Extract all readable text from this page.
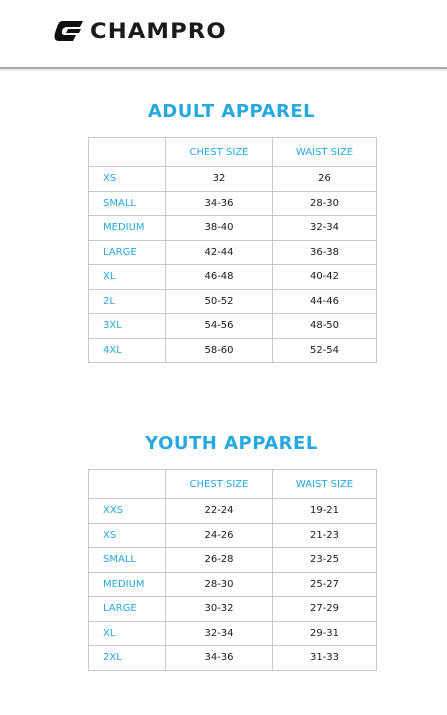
CHAMPRO
ADULT APPAREL
	CHEST SIZE	WAIST SIZE
XS	32	26
SMALL	34-36	28-30
MEDIUM	38-40	32-34
LARGE	42-44	36-38
XL	46-48	40-42
2L	50-52	44-46
3XL	54-56	48-50
4XL	58-60	52-54
YOUTH APPAREL
	CHEST SIZE	WAIST SIZE
XXS	22-24	19-21
XS	24-26	21-23
SMALL	26-28	23-25
MEDIUM	28-30	25-27
LARGE	30-32	27-29
XL	32-34	29-31
2XL	34-36	31-33
